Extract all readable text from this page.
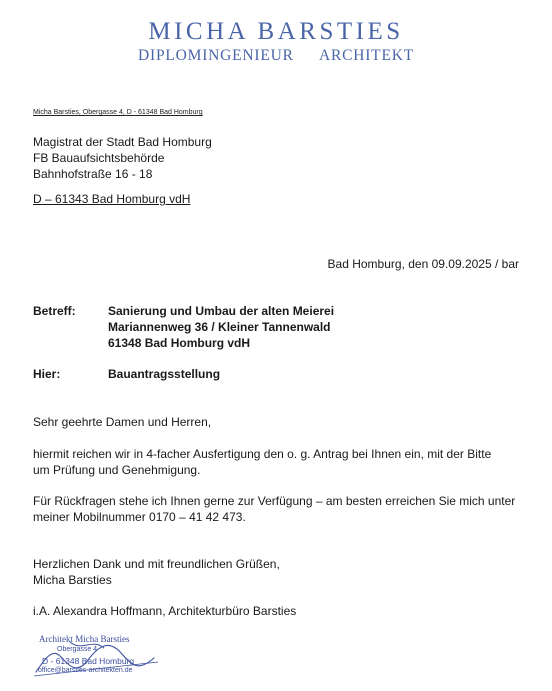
MICHA BARSTIES
DIPLOMINGENIEUR   ARCHITEKT
Micha Barsties, Obergasse 4, D - 61348 Bad Homburg
Magistrat der Stadt Bad Homburg
FB Bauaufsichtsbehörde
Bahnhofstraße 16 - 18
D – 61343 Bad Homburg vdH
Bad Homburg, den 09.09.2025 / bar
Betreff:	Sanierung und Umbau der alten Meierei
Mariannenweg 36 / Kleiner Tannenwald
61348 Bad Homburg vdH
Hier:	Bauantragsstellung
Sehr geehrte Damen und Herren,
hiermit reichen wir in 4-facher Ausfertigung den o. g. Antrag bei Ihnen ein, mit der Bitte
um Prüfung und Genehmigung.
Für Rückfragen stehe ich Ihnen gerne zur Verfügung – am besten erreichen Sie mich unter
meiner Mobilnummer 0170 – 41 42 473.
Herzlichen Dank und mit freundlichen Grüßen,
Micha Barsties
i.A. Alexandra Hoffmann, Architekturbüro Barsties
Architekt Micha Barsties
Obergasse 4
D - 61348 Bad Homburg
office@barsties-architekten.de
